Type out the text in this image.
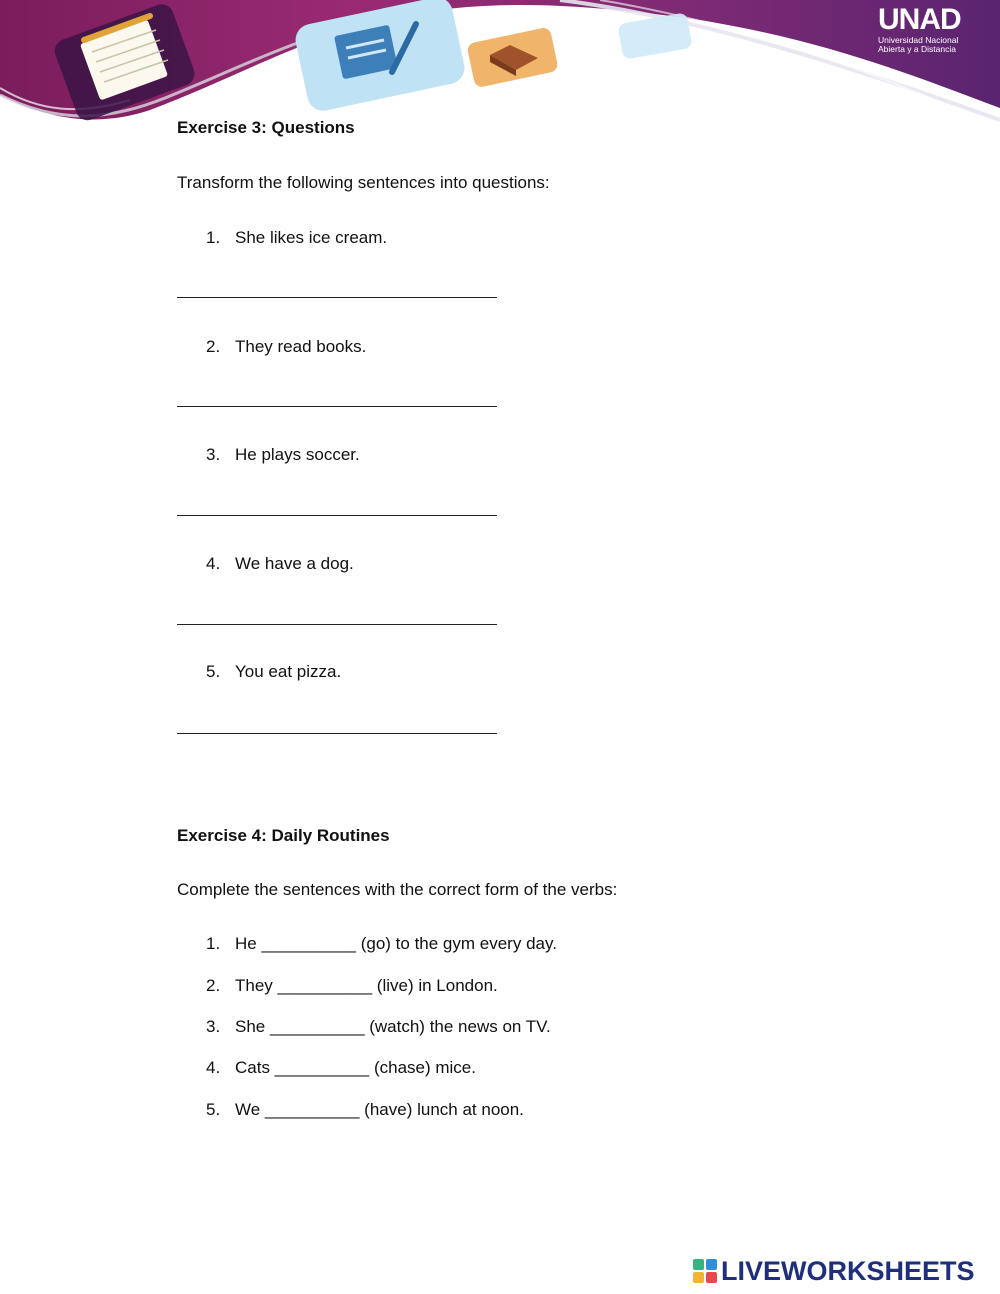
UNAD
Universidad Nacional
Abierta y a Distancia
Exercise 3: Questions
Transform the following sentences into questions:
1. She likes ice cream.
2. They read books.
3. He plays soccer.
4. We have a dog.
5. You eat pizza.
Exercise 4: Daily Routines
Complete the sentences with the correct form of the verbs:
1. He __________ (go) to the gym every day.
2. They __________ (live) in London.
3. She __________ (watch) the news on TV.
4. Cats __________ (chase) mice.
5. We __________ (have) lunch at noon.
LIVEWORKSHEETS
